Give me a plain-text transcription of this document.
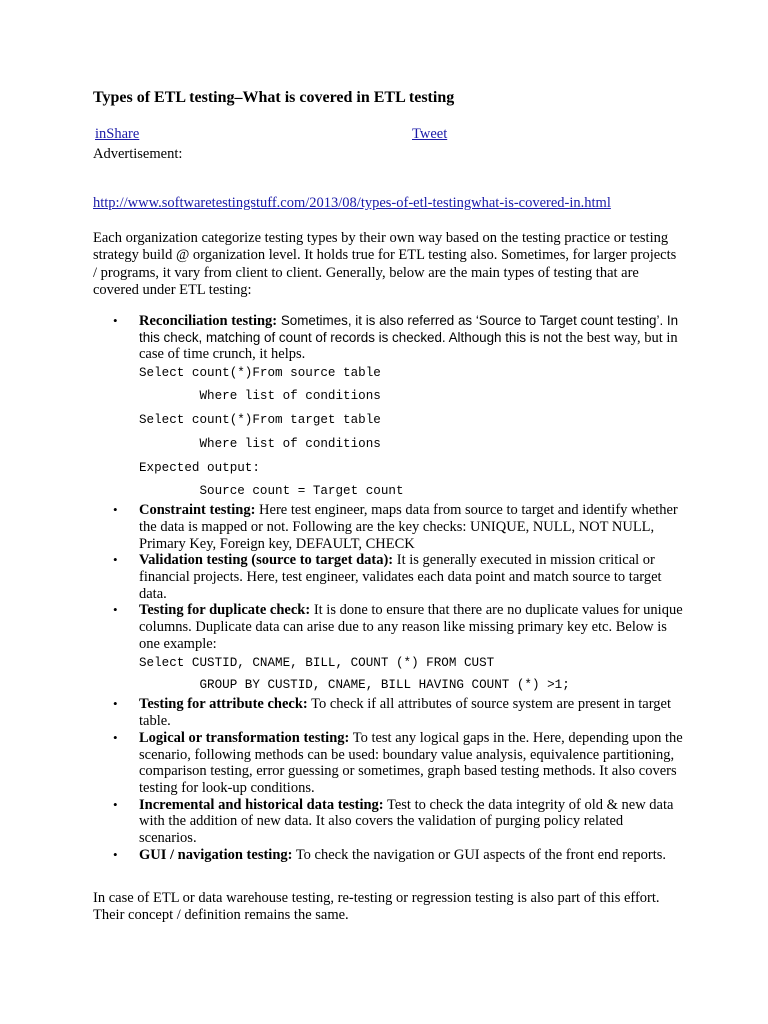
Types of ETL testing–What is covered in ETL testing
inShare	Tweet
Advertisement:
http://www.softwaretestingstuff.com/2013/08/types-of-etl-testingwhat-is-covered-in.html
Each organization categorize testing types by their own way based on the testing practice or testing strategy build @ organization level. It holds true for ETL testing also. Sometimes, for larger projects / programs, it vary from client to client. Generally, below are the main types of testing that are covered under ETL testing:
• Reconciliation testing: Sometimes, it is also referred as ‘Source to Target count testing’. In this check, matching of count of records is checked. Although this is not the best way, but in case of time crunch, it helps.
Select count(*)From source table
Where list of conditions
Select count(*)From target table
Where list of conditions
Expected output:
Source count = Target count
• Constraint testing: Here test engineer, maps data from source to target and identify whether the data is mapped or not. Following are the key checks: UNIQUE, NULL, NOT NULL, Primary Key, Foreign key, DEFAULT, CHECK
• Validation testing (source to target data): It is generally executed in mission critical or financial projects. Here, test engineer, validates each data point and match source to target data.
• Testing for duplicate check: It is done to ensure that there are no duplicate values for unique columns. Duplicate data can arise due to any reason like missing primary key etc. Below is one example:
Select CUSTID, CNAME, BILL, COUNT (*) FROM CUST
GROUP BY CUSTID, CNAME, BILL HAVING COUNT (*) >1;
• Testing for attribute check: To check if all attributes of source system are present in target table.
• Logical or transformation testing: To test any logical gaps in the. Here, depending upon the scenario, following methods can be used: boundary value analysis, equivalence partitioning, comparison testing, error guessing or sometimes, graph based testing methods. It also covers testing for look-up conditions.
• Incremental and historical data testing: Test to check the data integrity of old & new data with the addition of new data. It also covers the validation of purging policy related scenarios.
• GUI / navigation testing: To check the navigation or GUI aspects of the front end reports.
In case of ETL or data warehouse testing, re-testing or regression testing is also part of this effort. Their concept / definition remains the same.
